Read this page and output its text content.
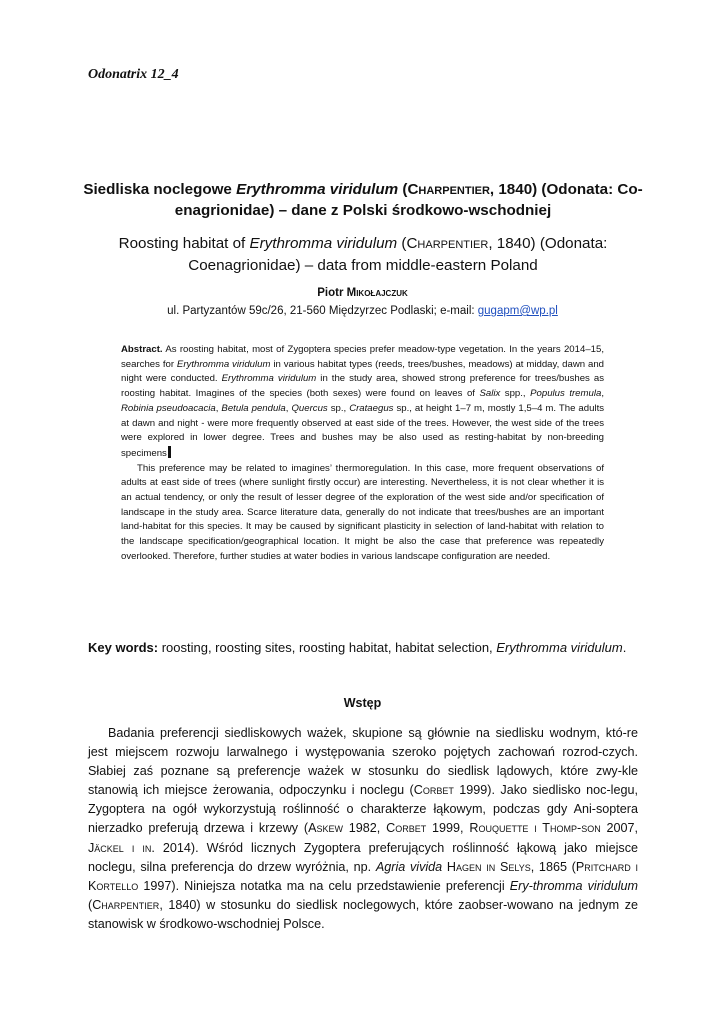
Odonatrix 12_4
Siedliska noclegowe Erythromma viridulum (Charpentier, 1840) (Odonata: Co-enagrionidae) – dane z Polski środkowo-wschodniej
Roosting habitat of Erythromma viridulum (Charpentier, 1840) (Odonata: Coenagrionidae) – data from middle-eastern Poland
Piotr Mikołajczuk
ul. Partyzantów 59c/26, 21-560 Międzyrzec Podlaski; e-mail: gugapm@wp.pl

Abstract. As roosting habitat, most of Zygoptera species prefer meadow-type vegetation. In the years 2014–15, searches for Erythromma viridulum in various habitat types (reeds, trees/bushes, meadows) at midday, dawn and night were conducted. Erythromma viridulum in the study area, showed strong preference for trees/bushes as roosting habitat. Imagines of the species (both sexes) were found on leaves of Salix spp., Populus tremula, Robinia pseudoacacia, Betula pendula, Quercus sp., Crataegus sp., at height 1–7 m, mostly 1,5–4 m. The adults at dawn and night - were more frequently observed at east side of the trees. However, the west side of the trees were explored in lower degree. Trees and bushes may be also used as resting-habitat by non-breeding specimens

This preference may be related to imagines’ thermoregulation. In this case, more frequent observations of adults at east side of trees (where sunlight firstly occur) are interesting. Nevertheless, it is not clear whether it is an actual tendency, or only the result of lesser degree of the exploration of the west side and/or specification of landscape in the study area. Scarce literature data, generally do not indicate that trees/bushes are an important land-habitat for this species. It may be caused by significant plasticity in selection of land-habitat with relation to the landscape specification/geographical location. It might be also the case that preference was repeatedly overlooked. Therefore, further studies at water bodies in various landscape configuration are needed.

Key words: roosting, roosting sites, roosting habitat, habitat selection, Erythromma viridulum.
Wstęp

Badania preferencji siedliskowych ważek, skupione są głównie na siedlisku wodnym, któ-re jest miejscem rozwoju larwalnego i występowania szeroko pojętych zachowań rozrod-czych. Słabiej zaś poznane są preferencje ważek w stosunku do siedlisk lądowych, które zwy-kle stanowią ich miejsce żerowania, odpoczynku i noclegu (Corbet 1999). Jako siedlisko noc-legu, Zygoptera na ogół wykorzystują roślinność o charakterze łąkowym, podczas gdy Ani-soptera nierzadko preferują drzewa i krzewy (Askew 1982, Corbet 1999, Rouquette i Thomp-son 2007, Jäckel i in. 2014). Wśród licznych Zygoptera preferujących roślinność łąkową jako miejsce noclegu, silna preferencja do drzew wyróżnia, np. Agria vivida Hagen in Selys, 1865 (Pritchard i Kortello 1997). Niniejsza notatka ma na celu przedstawienie preferencji Ery-thromma viridulum (Charpentier, 1840) w stosunku do siedlisk noclegowych, które zaobser-wowano na jednym ze stanowisk w środkowo-wschodniej Polsce.
